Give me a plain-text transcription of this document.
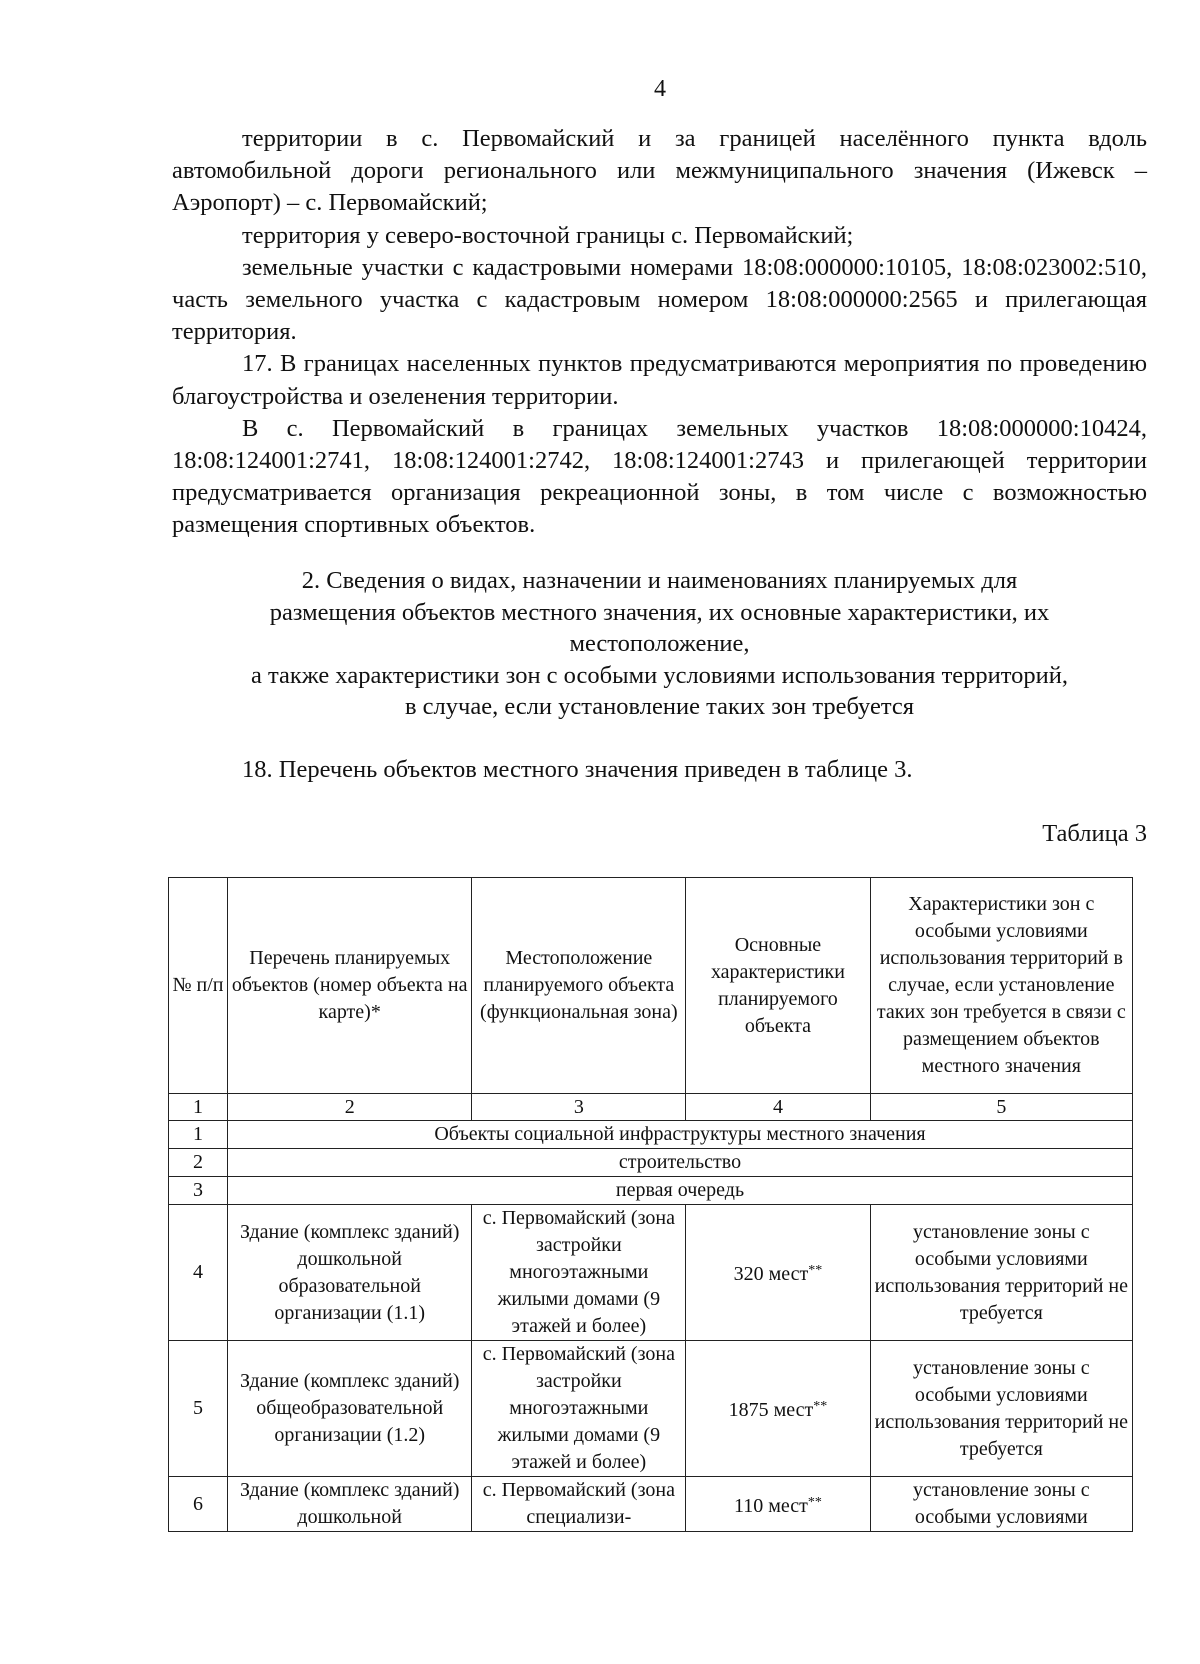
4

территории в с. Первомайский и за границей населённого пункта вдоль автомобильной дороги регионального или межмуниципального значения (Ижевск – Аэропорт) – с. Первомайский;

территория у северо-восточной границы с. Первомайский;

земельные участки с кадастровыми номерами 18:08:000000:10105, 18:08:023002:510, часть земельного участка с кадастровым номером 18:08:000000:2565 и прилегающая территория.

17. В границах населенных пунктов предусматриваются мероприятия по проведению благоустройства и озеленения территории.

В с. Первомайский в границах земельных участков 18:08:000000:10424, 18:08:124001:2741, 18:08:124001:2742, 18:08:124001:2743 и прилегающей территории предусматривается организация рекреационной зоны, в том числе с возможностью размещения спортивных объектов.

2. Сведения о видах, назначении и наименованиях планируемых для

размещения объектов местного значения, их основные характеристики, их

местоположение,

а также характеристики зон с особыми условиями использования территорий,

в случае, если установление таких зон требуется

18. Перечень объектов местного значения приведен в таблице 3.
Таблица 3
№ п/п	Перечень планируемых объектов (номер объекта на карте)*	Местоположение планируемого объекта (функциональная зона)	Основные характеристики планируемого объекта	Характеристики зон с особыми условиями использования территорий в случае, если установление таких зон требуется в связи с размещением объектов местного значения
1	2	3	4	5
1	Объекты социальной инфраструктуры местного значения			
2	строительство			
3	первая очередь			
4	Здание (комплекс зданий) дошкольной образовательной организации (1.1)	с. Первомайский (зона застройки многоэтажными жилыми домами (9 этажей и более)	320 мест**	установление зоны с особыми условиями использования территорий не требуется
5	Здание (комплекс зданий) общеобразовательной организации (1.2)	с. Первомайский (зона застройки многоэтажными жилыми домами (9 этажей и более)	1875 мест**	установление зоны с особыми условиями использования территорий не требуется
6	Здание (комплекс зданий) дошкольной	с. Первомайский (зона специализи-	110 мест**	установление зоны с особыми условиями
